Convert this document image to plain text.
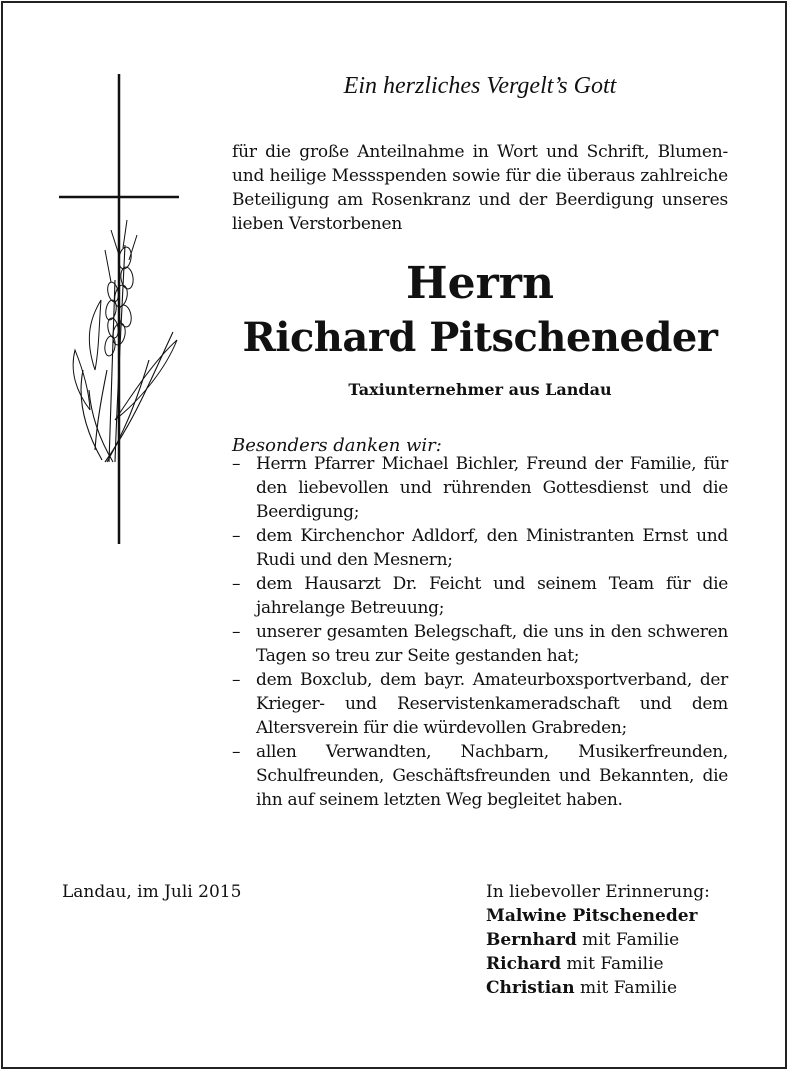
Ein herzliches Vergelt’s Gott
für die große Anteilnahme in Wort und Schrift, Blumen- und heilige Messspenden sowie für die überaus zahlreiche Beteiligung am Rosenkranz und der Beerdigung unseres lieben Verstorbenen
Herrn
Richard Pitscheneder
Taxiunternehmer aus Landau
Besonders danken wir:
– Herrn Pfarrer Michael Bichler, Freund der Familie, für den liebevollen und rührenden Gottesdienst und die Beerdigung;
– dem Kirchenchor Adldorf, den Ministranten Ernst und Rudi und den Mesnern;
– dem Hausarzt Dr. Feicht und seinem Team für die jahrelange Betreuung;
– unserer gesamten Belegschaft, die uns in den schweren Tagen so treu zur Seite gestanden hat;
– dem Boxclub, dem bayr. Amateurboxsportverband, der Krieger- und Reservistenkameradschaft und dem Altersverein für die würdevollen Grabreden;
– allen Verwandten, Nachbarn, Musikerfreunden, Schulfreunden, Geschäftsfreunden und Bekannten, die ihn auf seinem letzten Weg begleitet haben.
Landau, im Juli 2015	In liebevoller Erinnerung:
Malwine Pitscheneder
Bernhard mit Familie
Richard mit Familie
Christian mit Familie
